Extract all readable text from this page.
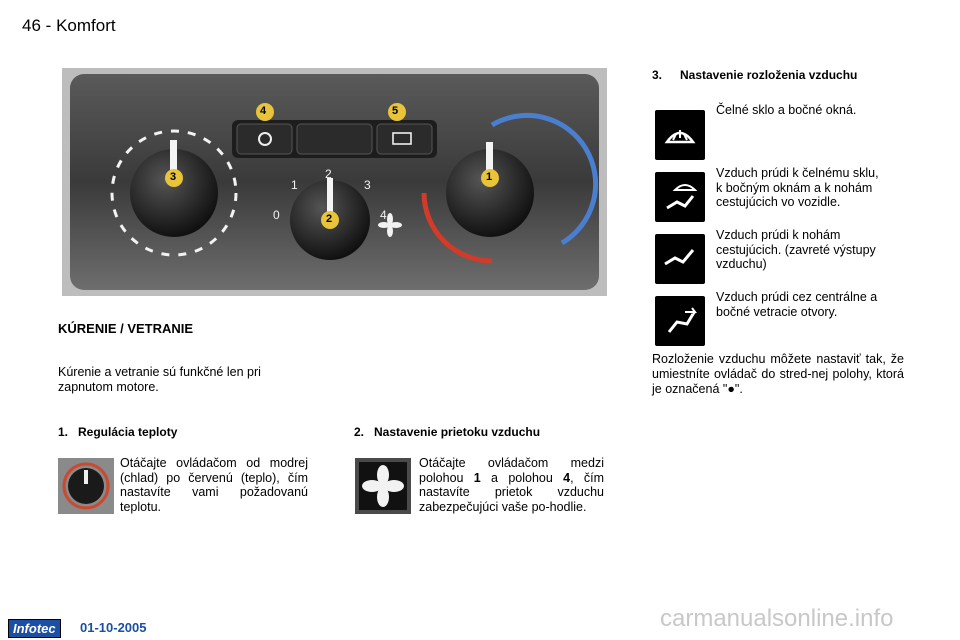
46 - Komfort
4	5
3
2
1
0
1
2
3
4
KÚRENIE / VETRANIE
Kúrenie a vetranie sú funkčné len pri zapnutom motore.
1.   Regulácia teploty
Otáčajte ovládačom od modrej (chlad) po červenú (teplo), čím nastavíte vami požadovanú teplotu.
2.   Nastavenie prietoku vzduchu
Otáčajte ovládačom medzi polohou 1 a polohou 4, čím nastavíte prietok vzduchu zabezpečujúci vaše po-hodlie.
3. Nastavenie rozloženia vzduchu
Čelné sklo a bočné okná.
Vzduch prúdi k čelnému sklu, k bočným oknám a k nohám cestujúcich vo vozidle.
Vzduch prúdi k nohám cestujúcich. (zavreté výstupy vzduchu)
Vzduch prúdi cez centrálne a bočné vetracie otvory.
Rozloženie vzduchu môžete nastaviť tak, že umiestníte ovládač do stred-nej polohy, ktorá je označená "●".
Infotec	01-10-2005	carmanualsonline.info
